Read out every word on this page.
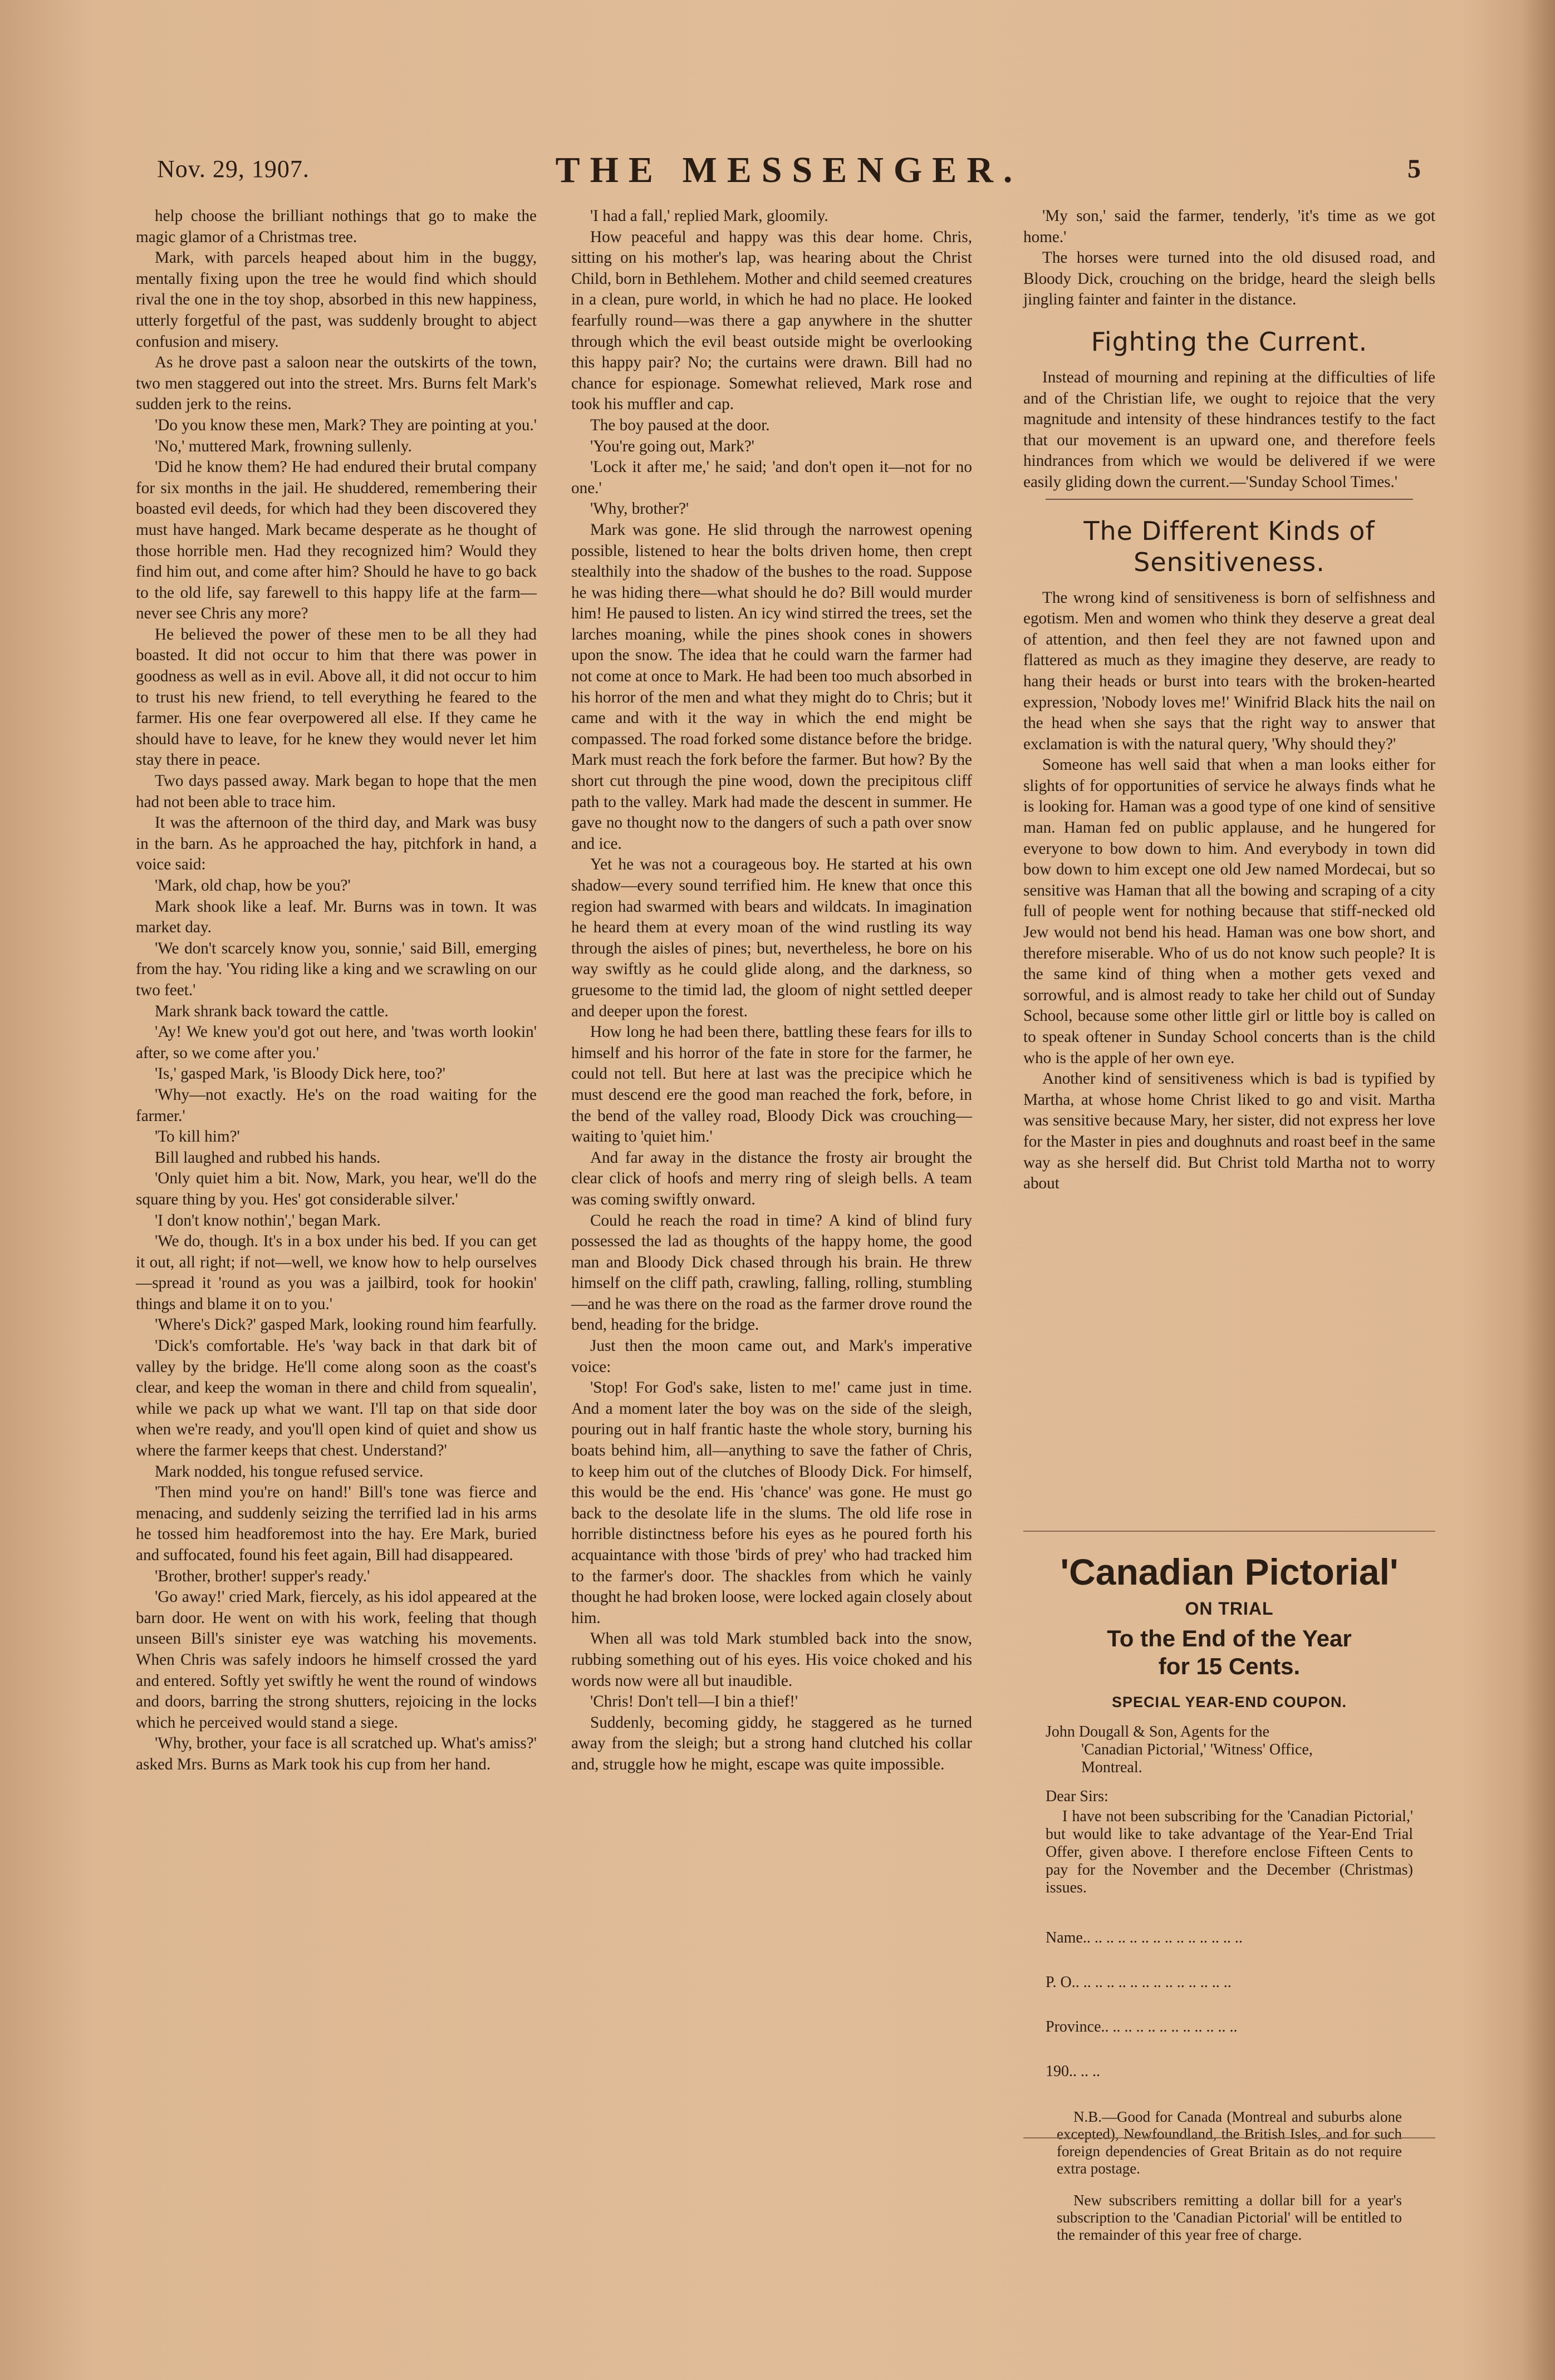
Nov. 29, 1907.	THE MESSENGER.	5

help choose the brilliant nothings that go to make the magic glamor of a Christmas tree.

Mark, with parcels heaped about him in the buggy, mentally fixing upon the tree he would find which should rival the one in the toy shop, absorbed in this new happiness, utterly forgetful of the past, was suddenly brought to abject confusion and misery.

As he drove past a saloon near the outskirts of the town, two men staggered out into the street. Mrs. Burns felt Mark's sudden jerk to the reins.

'Do you know these men, Mark? They are pointing at you.'

'No,' muttered Mark, frowning sullenly.

'Did he know them? He had endured their brutal company for six months in the jail. He shuddered, remembering their boasted evil deeds, for which had they been discovered they must have hanged. Mark became desperate as he thought of those horrible men. Had they recognized him? Would they find him out, and come after him? Should he have to go back to the old life, say farewell to this happy life at the farm—never see Chris any more?

He believed the power of these men to be all they had boasted. It did not occur to him that there was power in goodness as well as in evil. Above all, it did not occur to him to trust his new friend, to tell everything he feared to the farmer. His one fear overpowered all else. If they came he should have to leave, for he knew they would never let him stay there in peace.

Two days passed away. Mark began to hope that the men had not been able to trace him.

It was the afternoon of the third day, and Mark was busy in the barn. As he approached the hay, pitchfork in hand, a voice said:

'Mark, old chap, how be you?'

Mark shook like a leaf. Mr. Burns was in town. It was market day.

'We don't scarcely know you, sonnie,' said Bill, emerging from the hay. 'You riding like a king and we scrawling on our two feet.'

Mark shrank back toward the cattle.

'Ay! We knew you'd got out here, and 'twas worth lookin' after, so we come after you.'

'Is,' gasped Mark, 'is Bloody Dick here, too?'

'Why—not exactly. He's on the road waiting for the farmer.'

'To kill him?'

Bill laughed and rubbed his hands.

'Only quiet him a bit. Now, Mark, you hear, we'll do the square thing by you. Hes' got considerable silver.'

'I don't know nothin',' began Mark.

'We do, though. It's in a box under his bed. If you can get it out, all right; if not—well, we know how to help ourselves—spread it 'round as you was a jailbird, took for hookin' things and blame it on to you.'

'Where's Dick?' gasped Mark, looking round him fearfully.

'Dick's comfortable. He's 'way back in that dark bit of valley by the bridge. He'll come along soon as the coast's clear, and keep the woman in there and child from squealin', while we pack up what we want. I'll tap on that side door when we're ready, and you'll open kind of quiet and show us where the farmer keeps that chest. Understand?'

Mark nodded, his tongue refused service.

'Then mind you're on hand!' Bill's tone was fierce and menacing, and suddenly seizing the terrified lad in his arms he tossed him headforemost into the hay. Ere Mark, buried and suffocated, found his feet again, Bill had disappeared.

'Brother, brother! supper's ready.'

'Go away!' cried Mark, fiercely, as his idol appeared at the barn door. He went on with his work, feeling that though unseen Bill's sinister eye was watching his movements. When Chris was safely indoors he himself crossed the yard and entered. Softly yet swiftly he went the round of windows and doors, barring the strong shutters, rejoicing in the locks which he perceived would stand a siege.

'Why, brother, your face is all scratched up. What's amiss?' asked Mrs. Burns as Mark took his cup from her hand.

'I had a fall,' replied Mark, gloomily.

How peaceful and happy was this dear home. Chris, sitting on his mother's lap, was hearing about the Christ Child, born in Bethlehem. Mother and child seemed creatures in a clean, pure world, in which he had no place. He looked fearfully round—was there a gap anywhere in the shutter through which the evil beast outside might be overlooking this happy pair? No; the curtains were drawn. Bill had no chance for espionage. Somewhat relieved, Mark rose and took his muffler and cap.

The boy paused at the door.

'You're going out, Mark?'

'Lock it after me,' he said; 'and don't open it—not for no one.'

'Why, brother?'

Mark was gone. He slid through the narrowest opening possible, listened to hear the bolts driven home, then crept stealthily into the shadow of the bushes to the road. Suppose he was hiding there—what should he do? Bill would murder him! He paused to listen. An icy wind stirred the trees, set the larches moaning, while the pines shook cones in showers upon the snow. The idea that he could warn the farmer had not come at once to Mark. He had been too much absorbed in his horror of the men and what they might do to Chris; but it came and with it the way in which the end might be compassed. The road forked some distance before the bridge. Mark must reach the fork before the farmer. But how? By the short cut through the pine wood, down the precipitous cliff path to the valley. Mark had made the descent in summer. He gave no thought now to the dangers of such a path over snow and ice.

Yet he was not a courageous boy. He started at his own shadow—every sound terrified him. He knew that once this region had swarmed with bears and wildcats. In imagination he heard them at every moan of the wind rustling its way through the aisles of pines; but, nevertheless, he bore on his way swiftly as he could glide along, and the darkness, so gruesome to the timid lad, the gloom of night settled deeper and deeper upon the forest.

How long he had been there, battling these fears for ills to himself and his horror of the fate in store for the farmer, he could not tell. But here at last was the precipice which he must descend ere the good man reached the fork, before, in the bend of the valley road, Bloody Dick was crouching—waiting to 'quiet him.'

And far away in the distance the frosty air brought the clear click of hoofs and merry ring of sleigh bells. A team was coming swiftly onward.

Could he reach the road in time? A kind of blind fury possessed the lad as thoughts of the happy home, the good man and Bloody Dick chased through his brain. He threw himself on the cliff path, crawling, falling, rolling, stumbling—and he was there on the road as the farmer drove round the bend, heading for the bridge.

Just then the moon came out, and Mark's imperative voice:

'Stop! For God's sake, listen to me!' came just in time. And a moment later the boy was on the side of the sleigh, pouring out in half frantic haste the whole story, burning his boats behind him, all—anything to save the father of Chris, to keep him out of the clutches of Bloody Dick. For himself, this would be the end. His 'chance' was gone. He must go back to the desolate life in the slums. The old life rose in horrible distinctness before his eyes as he poured forth his acquaintance with those 'birds of prey' who had tracked him to the farmer's door. The shackles from which he vainly thought he had broken loose, were locked again closely about him.

When all was told Mark stumbled back into the snow, rubbing something out of his eyes. His voice choked and his words now were all but inaudible.

'Chris! Don't tell—I bin a thief!'

Suddenly, becoming giddy, he staggered as he turned away from the sleigh; but a strong hand clutched his collar and, struggle how he might, escape was quite impossible.

'My son,' said the farmer, tenderly, 'it's time as we got home.'

The horses were turned into the old disused road, and Bloody Dick, crouching on the bridge, heard the sleigh bells jingling fainter and fainter in the distance.

Fighting the Current.

Instead of mourning and repining at the difficulties of life and of the Christian life, we ought to rejoice that the very magnitude and intensity of these hindrances testify to the fact that our movement is an upward one, and therefore feels hindrances from which we would be delivered if we were easily gliding down the current.—'Sunday School Times.'

The Different Kinds of Sensitiveness.

The wrong kind of sensitiveness is born of selfishness and egotism. Men and women who think they deserve a great deal of attention, and then feel they are not fawned upon and flattered as much as they imagine they deserve, are ready to hang their heads or burst into tears with the broken-hearted expression, 'Nobody loves me!' Winifrid Black hits the nail on the head when she says that the right way to answer that exclamation is with the natural query, 'Why should they?'

Someone has well said that when a man looks either for slights of for opportunities of service he always finds what he is looking for. Haman was a good type of one kind of sensitive man. Haman fed on public applause, and he hungered for everyone to bow down to him. And everybody in town did bow down to him except one old Jew named Mordecai, but so sensitive was Haman that all the bowing and scraping of a city full of people went for nothing because that stiff-necked old Jew would not bend his head. Haman was one bow short, and therefore miserable. Who of us do not know such people? It is the same kind of thing when a mother gets vexed and sorrowful, and is almost ready to take her child out of Sunday School, because some other little girl or little boy is called on to speak oftener in Sunday School concerts than is the child who is the apple of her own eye.

Another kind of sensitiveness which is bad is typified by Martha, at whose home Christ liked to go and visit. Martha was sensitive because Mary, her sister, did not express her love for the Master in pies and doughnuts and roast beef in the same way as she herself did. But Christ told Martha not to worry about

'Canadian Pictorial'
ON TRIAL
To the End of the Year
for 15 Cents.
SPECIAL YEAR-END COUPON.
John Dougall & Son, Agents for the
'Canadian Pictorial,' 'Witness' Office,
Montreal.
Dear Sirs:
I have not been subscribing for the 'Canadian Pictorial,' but would like to take advantage of the Year-End Trial Offer, given above. I therefore enclose Fifteen Cents to pay for the November and the December (Christmas) issues.
Name.. .. .. .. .. .. .. .. .. .. .. .. .. ..
P. O.. .. .. .. .. .. .. .. .. .. .. .. .. ..
Province.. .. .. .. .. .. .. .. .. .. .. ..
190.. .. ..
N.B.—Good for Canada (Montreal and suburbs alone excepted), Newfoundland, the British Isles, and for such foreign dependencies of Great Britain as do not require extra postage.
New subscribers remitting a dollar bill for a year's subscription to the 'Canadian Pictorial' will be entitled to the remainder of this year free of charge.
